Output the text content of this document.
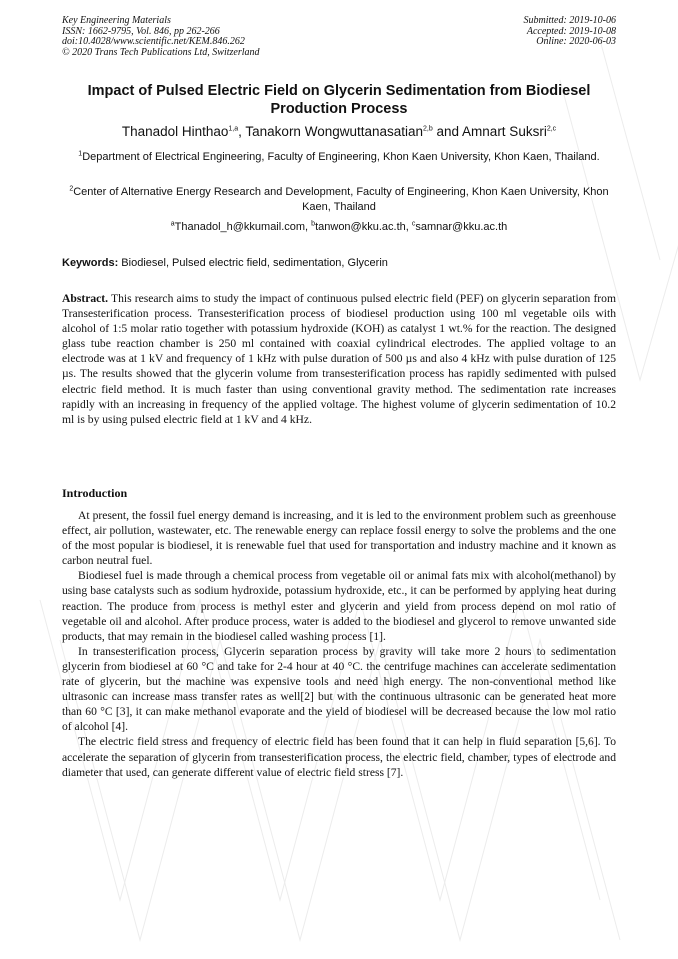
Key Engineering Materials
ISSN: 1662-9795, Vol. 846, pp 262-266
doi:10.4028/www.scientific.net/KEM.846.262
© 2020 Trans Tech Publications Ltd, Switzerland
Submitted: 2019-10-06
Accepted: 2019-10-08
Online: 2020-06-03
Impact of Pulsed Electric Field on Glycerin Sedimentation from Biodiesel Production Process
Thanadol Hinthao$^{1,a}$, Tanakorn Wongwuttanasatian$^{2,b}$ and Amnart Suksri$^{2,c}$
$^1$Department of Electrical Engineering, Faculty of Engineering, Khon Kaen University, Khon Kaen, Thailand.
$^2$Center of Alternative Energy Research and Development, Faculty of Engineering, Khon Kaen University, Khon Kaen, Thailand
$^a$Thanadol_h@kkumail.com, $^b$tanwon@kku.ac.th, $^c$samnar@kku.ac.th
Keywords: Biodiesel, Pulsed electric field, sedimentation, Glycerin

Abstract. This research aims to study the impact of continuous pulsed electric field (PEF) on glycerin separation from Transesterification process. Transesterification process of biodiesel production using 100 ml vegetable oils with alcohol of 1:5 molar ratio together with potassium hydroxide (KOH) as catalyst 1 wt.% for the reaction. The designed glass tube reaction chamber is 250 ml contained with coaxial cylindrical electrodes. The applied voltage to an electrode was at 1 kV and frequency of 1 kHz with pulse duration of 500 µs and also 4 kHz with pulse duration of 125 µs. The results showed that the glycerin volume from transesterification process has rapidly sedimented with pulsed electric field method. It is much faster than using conventional gravity method. The sedimentation rate increases rapidly with an increasing in frequency of the applied voltage. The highest volume of glycerin sedimentation of 10.2 ml is by using pulsed electric field at 1 kV and 4 kHz.

Introduction

At present, the fossil fuel energy demand is increasing, and it is led to the environment problem such as greenhouse effect, air pollution, wastewater, etc. The renewable energy can replace fossil energy to solve the problems and the one of the most popular is biodiesel, it is renewable fuel that used for transportation and industry machine and it known as carbon neutral fuel.

Biodiesel fuel is made through a chemical process from vegetable oil or animal fats mix with alcohol(methanol) by using base catalysts such as sodium hydroxide, potassium hydroxide, etc., it can be performed by applying heat during reaction. The produce from process is methyl ester and glycerin and yield from process depend on mol ratio of vegetable oil and alcohol. After produce process, water is added to the biodiesel and glycerol to remove unwanted side products, that may remain in the biodiesel called washing process [1].

In transesterification process, Glycerin separation process by gravity will take more 2 hours to sedimentation glycerin from biodiesel at 60 °C and take for 2-4 hour at 40 °C. the centrifuge machines can accelerate sedimentation rate of glycerin, but the machine was expensive tools and need high energy. The non-conventional method like ultrasonic can increase mass transfer rates as well[2] but with the continuous ultrasonic can be generated heat more than 60 °C [3], it can make methanol evaporate and the yield of biodiesel will be decreased because the low mol ratio of alcohol [4].

The electric field stress and frequency of electric field has been found that it can help in fluid separation [5,6]. To accelerate the separation of glycerin from transesterification process, the electric field, chamber, types of electrode and diameter that used, can generate different value of electric field stress [7].
